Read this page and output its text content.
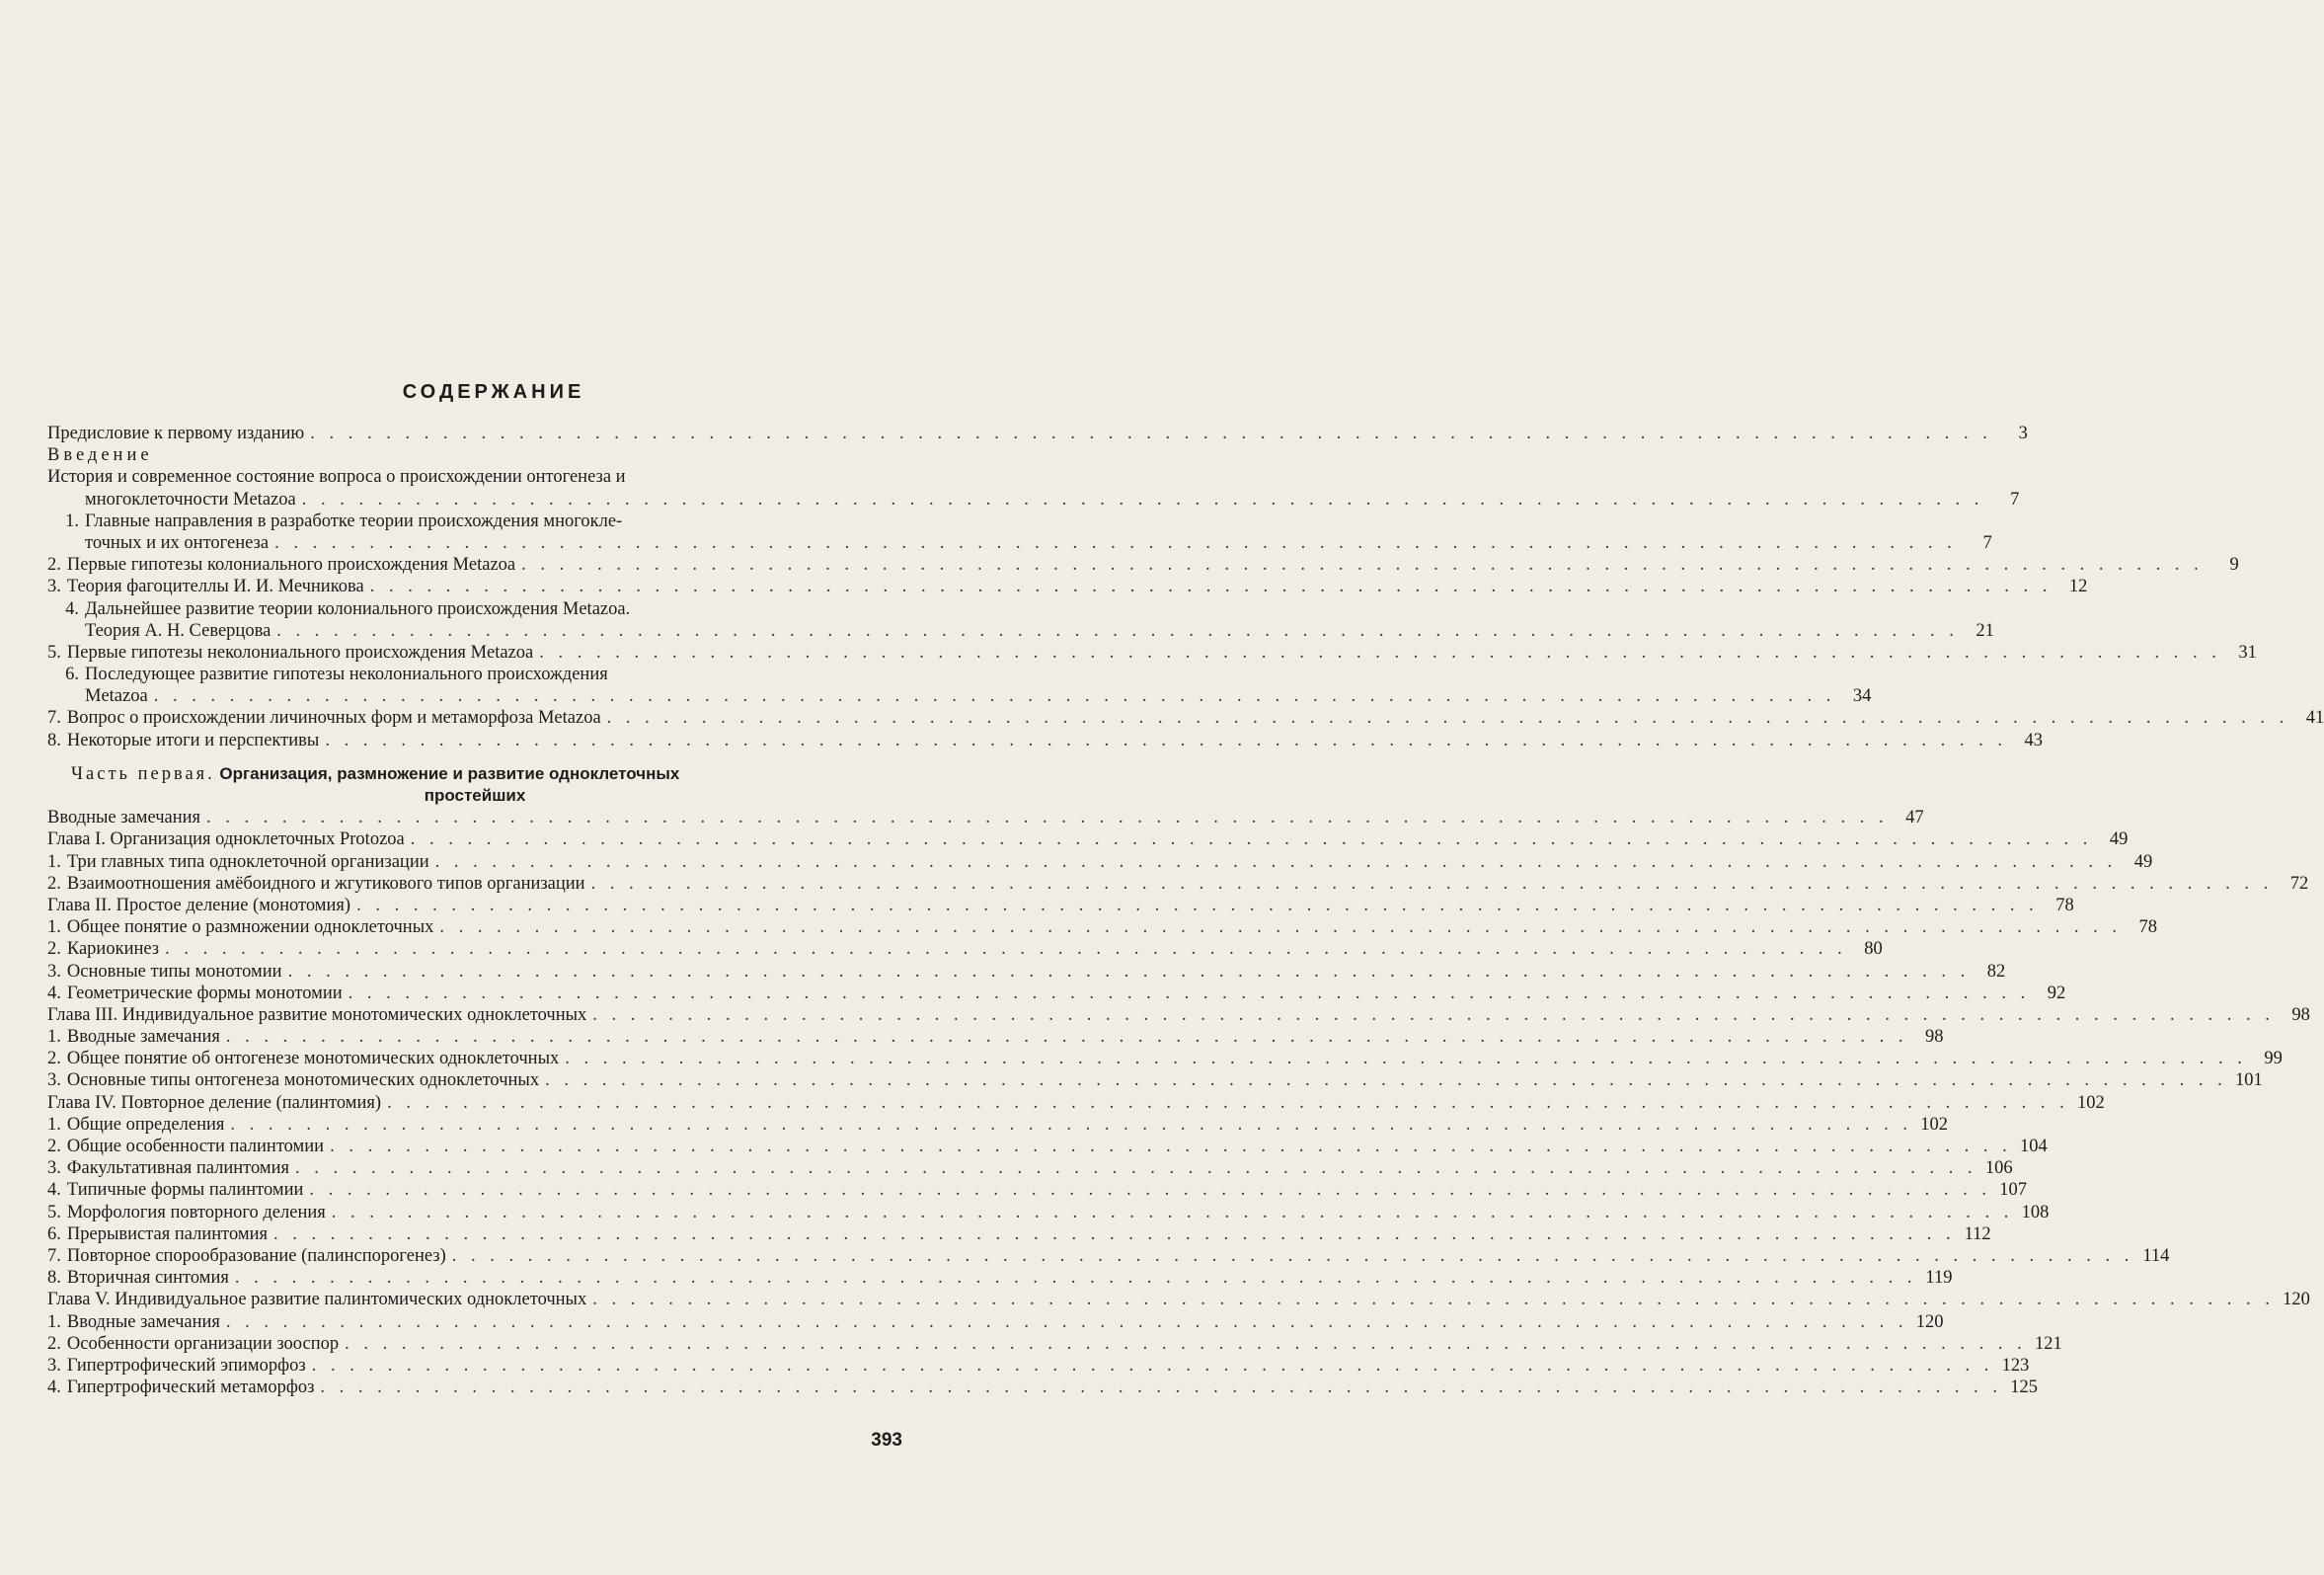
СОДЕРЖАНИЕ
Предисловие к первому изданию . . .	3
Введение
История и современное состояние вопроса о происхождении онтогенеза и
многоклеточности Metazoa . . .	7
1. Главные направления в разработке теории происхождения многокле-
точных и их онтогенеза . . .	7
2. Первые гипотезы колониального происхождения Metazoa . . .	9
3. Теория фагоцителлы И. И. Мечникова . . .	12
4. Дальнейшее развитие теории колониального происхождения Metazoa.
Теория А. Н. Северцова . . .	21
5. Первые гипотезы неколониального происхождения Metazoa . . .	31
6. Последующее развитие гипотезы неколониального происхождения
Metazoa . . .	34
7. Вопрос о происхождении личиночных форм и метаморфоза Metazoa . . .	41
8. Некоторые итоги и перспективы . . .	43
Часть первая. Организация, размножение и развитие одноклеточных
простейших
Вводные замечания . . .	47
Глава I. Организация одноклеточных Protozoa . . .	49
1. Три главных типа одноклеточной организации . . .	49
2. Взаимоотношения амёбоидного и жгутикового типов организации . . .	72
Глава II. Простое деление (монотомия) . . .	78
1. Общее понятие о размножении одноклеточных . . .	78
2. Кариокинез . . .	80
3. Основные типы монотомии . . .	82
4. Геометрические формы монотомии . . .	92
Глава III. Индивидуальное развитие монотомических одноклеточных . . .	98
1. Вводные замечания . . .	98
2. Общее понятие об онтогенезе монотомических одноклеточных . . .	99
3. Основные типы онтогенеза монотомических одноклеточных . . .	101
Глава IV. Повторное деление (палинтомия) . . .	102
1. Общие определения . . .	102
2. Общие особенности палинтомии . . .	104
3. Факультативная палинтомия . . .	106
4. Типичные формы палинтомии . . .	107
5. Морфология повторного деления . . .	108
6. Прерывистая палинтомия . . .	112
7. Повторное спорообразование (палинспорогенез) . . .	114
8. Вторичная синтомия . . .	119
Глава V. Индивидуальное развитие палинтомических одноклеточных . . .	120
1. Вводные замечания . . .	120
2. Особенности организации зооспор . . .	121
3. Гипертрофический эпиморфоз . . .	123
4. Гипертрофический метаморфоз . . .	125
393
